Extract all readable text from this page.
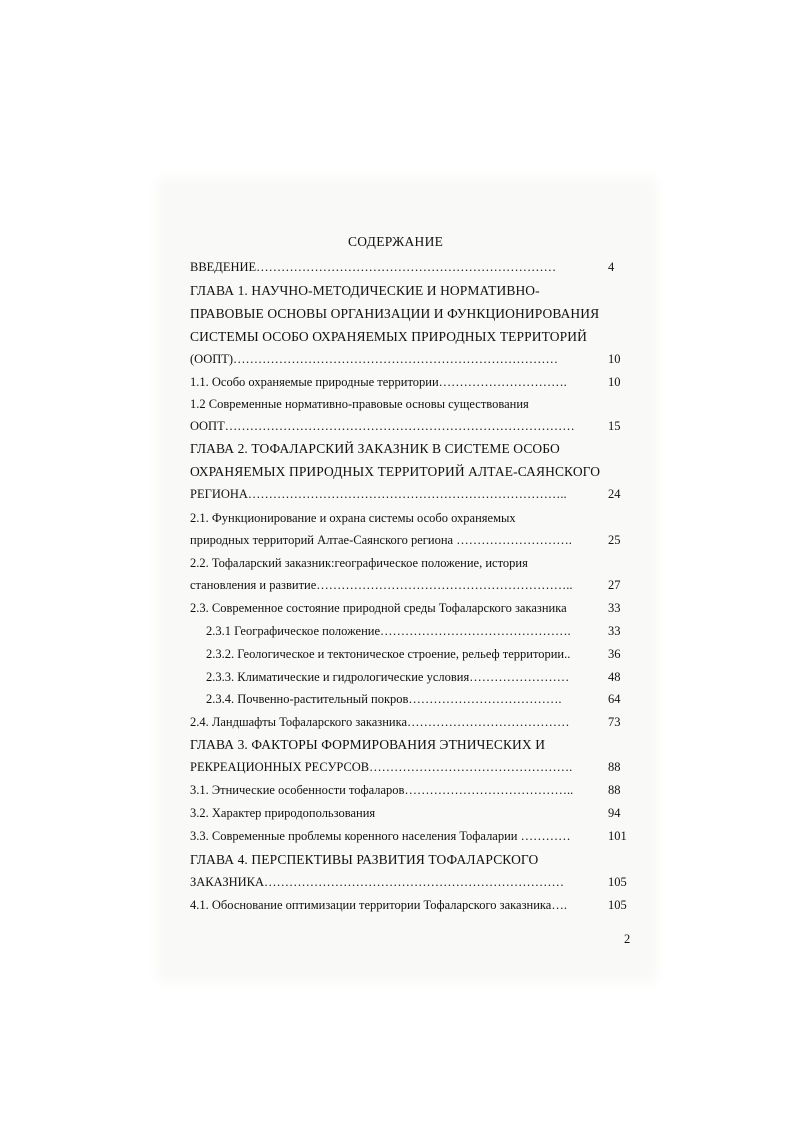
СОДЕРЖАНИЕ
ВВЕДЕНИЕ………………………………………………………………	4
ГЛАВА 1. НАУЧНО-МЕТОДИЧЕСКИЕ И НОРМАТИВНО-
ПРАВОВЫЕ ОСНОВЫ ОРГАНИЗАЦИИ И ФУНКЦИОНИРОВАНИЯ
СИСТЕМЫ ОСОБО ОХРАНЯЕМЫХ ПРИРОДНЫХ ТЕРРИТОРИЙ
(ООПТ)……………………………………………………………………	10
1.1. Особо охраняемые природные территории………………………….	10
1.2 Современные нормативно-правовые основы существования
ООПТ…………………………………………………………………………	15
ГЛАВА 2. ТОФАЛАРСКИЙ ЗАКАЗНИК В СИСТЕМЕ ОСОБО
ОХРАНЯЕМЫХ ПРИРОДНЫХ ТЕРРИТОРИЙ АЛТАЕ-САЯНСКОГО
РЕГИОНА…………………………………………………………………..	24
2.1. Функционирование и охрана системы особо охраняемых
природных территорий Алтае-Саянского региона ……………………….	25
2.2. Тофаларский заказник:географическое положение, история
становления и развитие……………………………………………………..	27
2.3. Современное состояние природной среды Тофаларского заказника	33
2.3.1 Географическое положение……………………………………….	33
2.3.2. Геологическое и тектоническое строение, рельеф территории..	36
2.3.3. Климатические и гидрологические условия……………………	48
2.3.4. Почвенно-растительный покров……………………………….	64
2.4. Ландшафты Тофаларского заказника…………………………………	73
ГЛАВА 3. ФАКТОРЫ ФОРМИРОВАНИЯ ЭТНИЧЕСКИХ И
РЕКРЕАЦИОННЫХ РЕСУРСОВ………………………………………….	88
3.1. Этнические особенности тофаларов…………………………………..	88
3.2. Характер природопользования	94
3.3. Современные проблемы коренного населения Тофаларии …………	101
ГЛАВА 4. ПЕРСПЕКТИВЫ РАЗВИТИЯ ТОФАЛАРСКОГО
ЗАКАЗНИКА………………………………………………………………	105
4.1. Обоснование оптимизации территории Тофаларского заказника….	105
2
